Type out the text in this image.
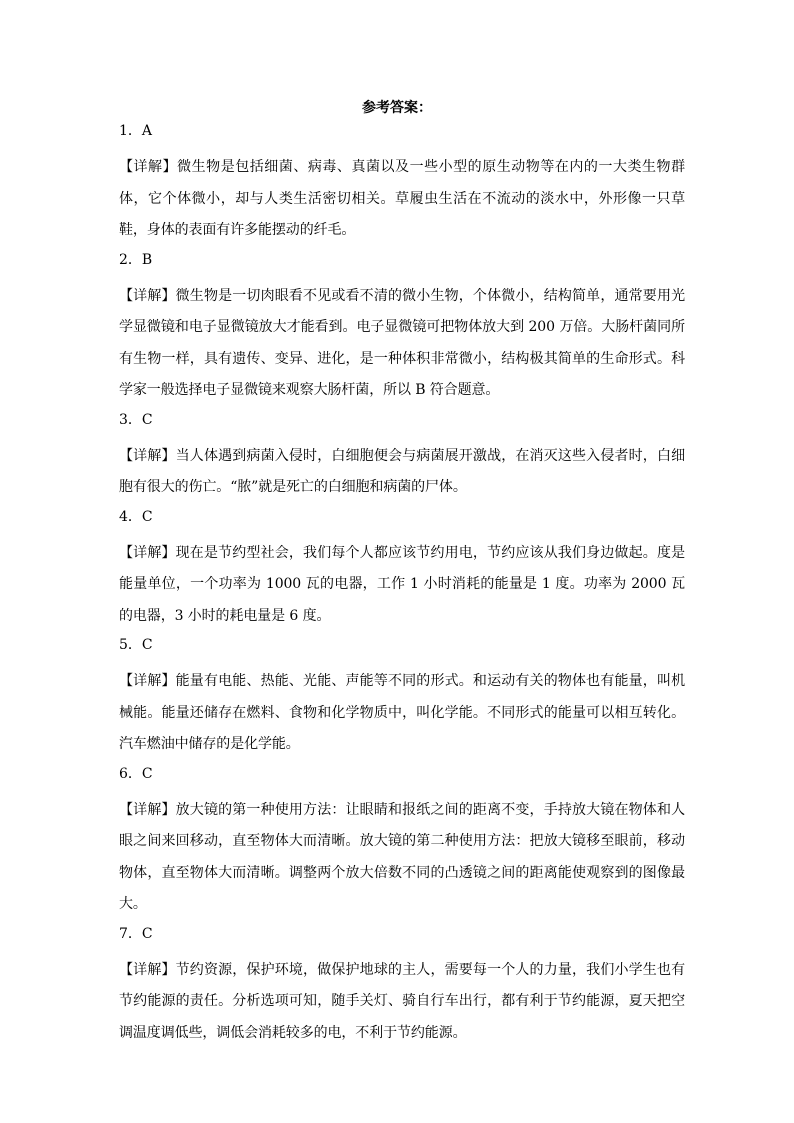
参考答案：

1．A

【详解】微生物是包括细菌、病毒、真菌以及一些小型的原生动物等在内的一大类生物群体，它个体微小，却与人类生活密切相关。草履虫生活在不流动的淡水中，外形像一只草鞋，身体的表面有许多能摆动的纤毛。

2．B

【详解】微生物是一切肉眼看不见或看不清的微小生物，个体微小，结构简单，通常要用光学显微镜和电子显微镜放大才能看到。电子显微镜可把物体放大到 200 万倍。大肠杆菌同所有生物一样，具有遗传、变异、进化，是一种体积非常微小，结构极其简单的生命形式。科学家一般选择电子显微镜来观察大肠杆菌，所以 B 符合题意。

3．C

【详解】当人体遇到病菌入侵时，白细胞便会与病菌展开激战，在消灭这些入侵者时，白细胞有很大的伤亡。“脓”就是死亡的白细胞和病菌的尸体。

4．C

【详解】现在是节约型社会，我们每个人都应该节约用电，节约应该从我们身边做起。度是能量单位，一个功率为 1000 瓦的电器，工作 1 小时消耗的能量是 1 度。功率为 2000 瓦的电器，3 小时的耗电量是 6 度。

5．C

【详解】能量有电能、热能、光能、声能等不同的形式。和运动有关的物体也有能量，叫机械能。能量还储存在燃料、食物和化学物质中，叫化学能。不同形式的能量可以相互转化。汽车燃油中储存的是化学能。

6．C

【详解】放大镜的第一种使用方法：让眼睛和报纸之间的距离不变，手持放大镜在物体和人眼之间来回移动，直至物体大而清晰。放大镜的第二种使用方法：把放大镜移至眼前，移动物体，直至物体大而清晰。调整两个放大倍数不同的凸透镜之间的距离能使观察到的图像最大。

7．C

【详解】节约资源，保护环境，做保护地球的主人，需要每一个人的力量，我们小学生也有节约能源的责任。分析选项可知，随手关灯、骑自行车出行，都有利于节约能源，夏天把空调温度调低些，调低会消耗较多的电，不利于节约能源。
